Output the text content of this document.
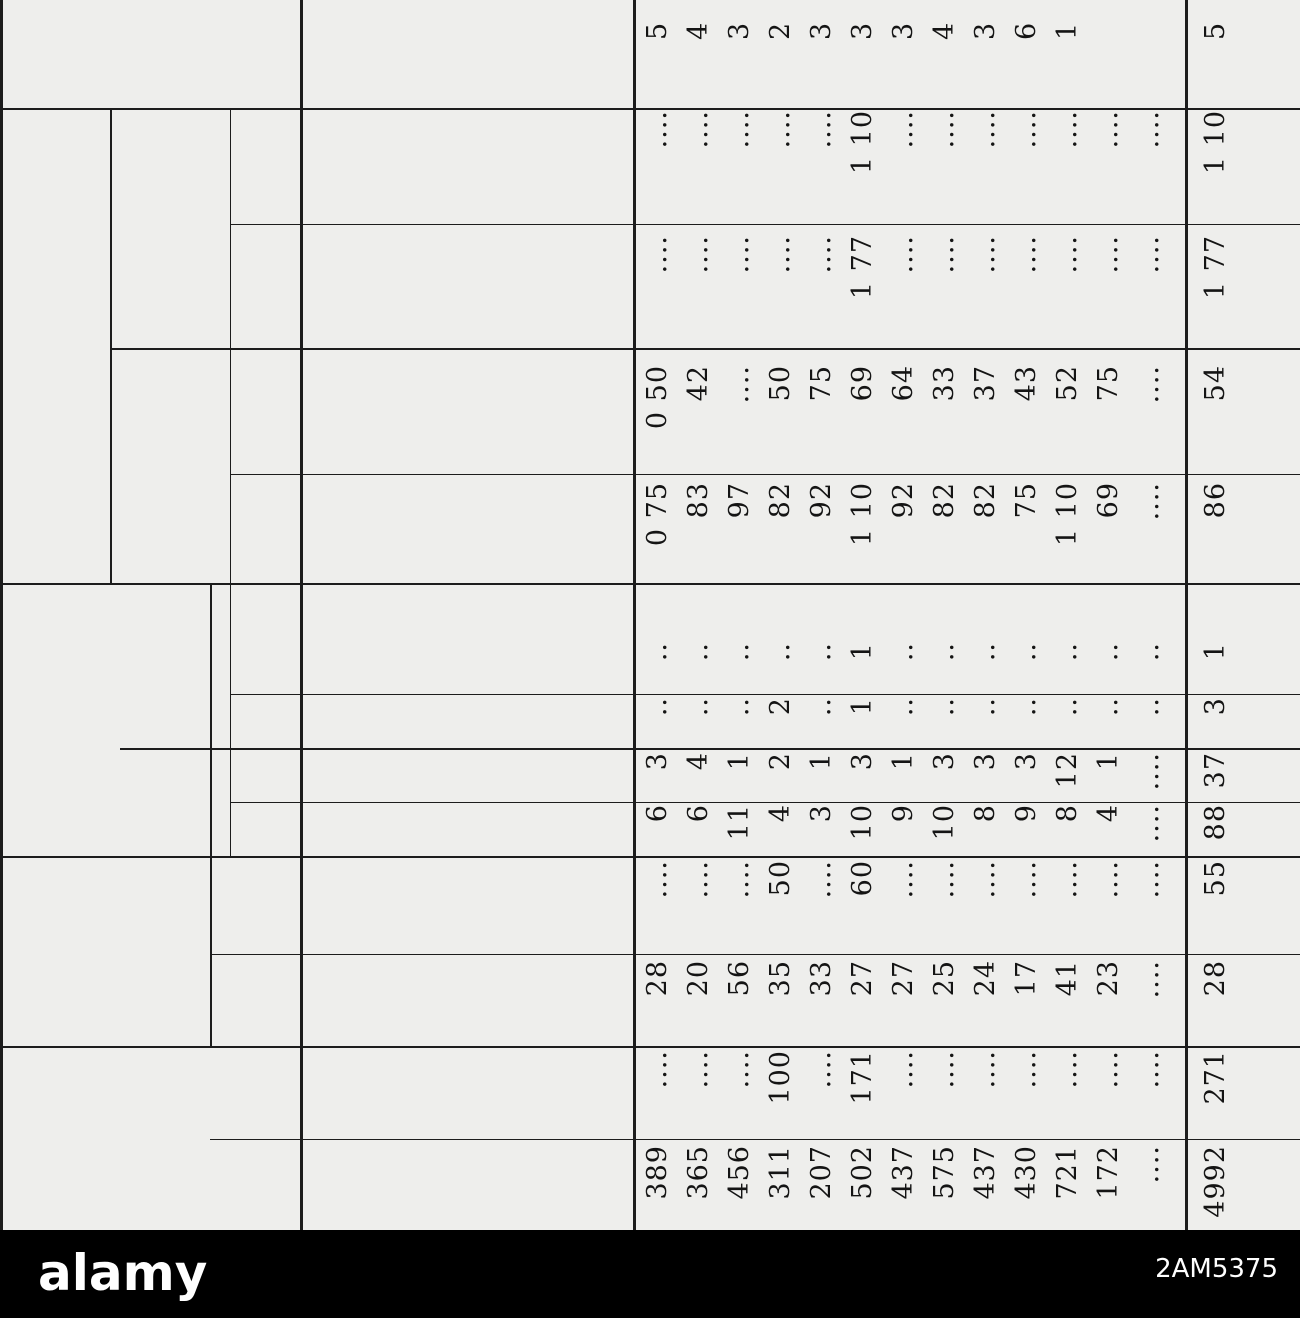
389 365 456 311 207 502 437 575 437 430 721 172 .... 4992
.... .... .... 100 .... 171 .... .... .... .... .... .... .... 271
28 20 56 35 33 27 27 25 24 17 41 23 .... 28
.... .... .... 50 .... 60 .... .... .... .... .... .... .... 55
6 6 11 4 3 10 9 10 8 9 8 4 .... 88
3 4 1 2 1 3 1 3 3 3 12 1 .... 37
.. .. .. 2 .. 1 .. .. .. .. .. .. .. 3
.. .. .. .. .. 1 .. .. .. .. .. .. .. 1
0 75 83 97 82 92 1 10 92 82 82 75 1 10 69 .... 86
0 50 42 .... 50 75 69 64 33 37 43 52 75 .... 54
.... .... .... .... .... 1 77 .... .... .... .... .... .... .... 1 77
.... .... .... .... .... 1 10 .... .... .... .... .... .... .... 1 10
5 4 3 2 3 3 3 4 3 6 1	5
alamy	2AM5375
